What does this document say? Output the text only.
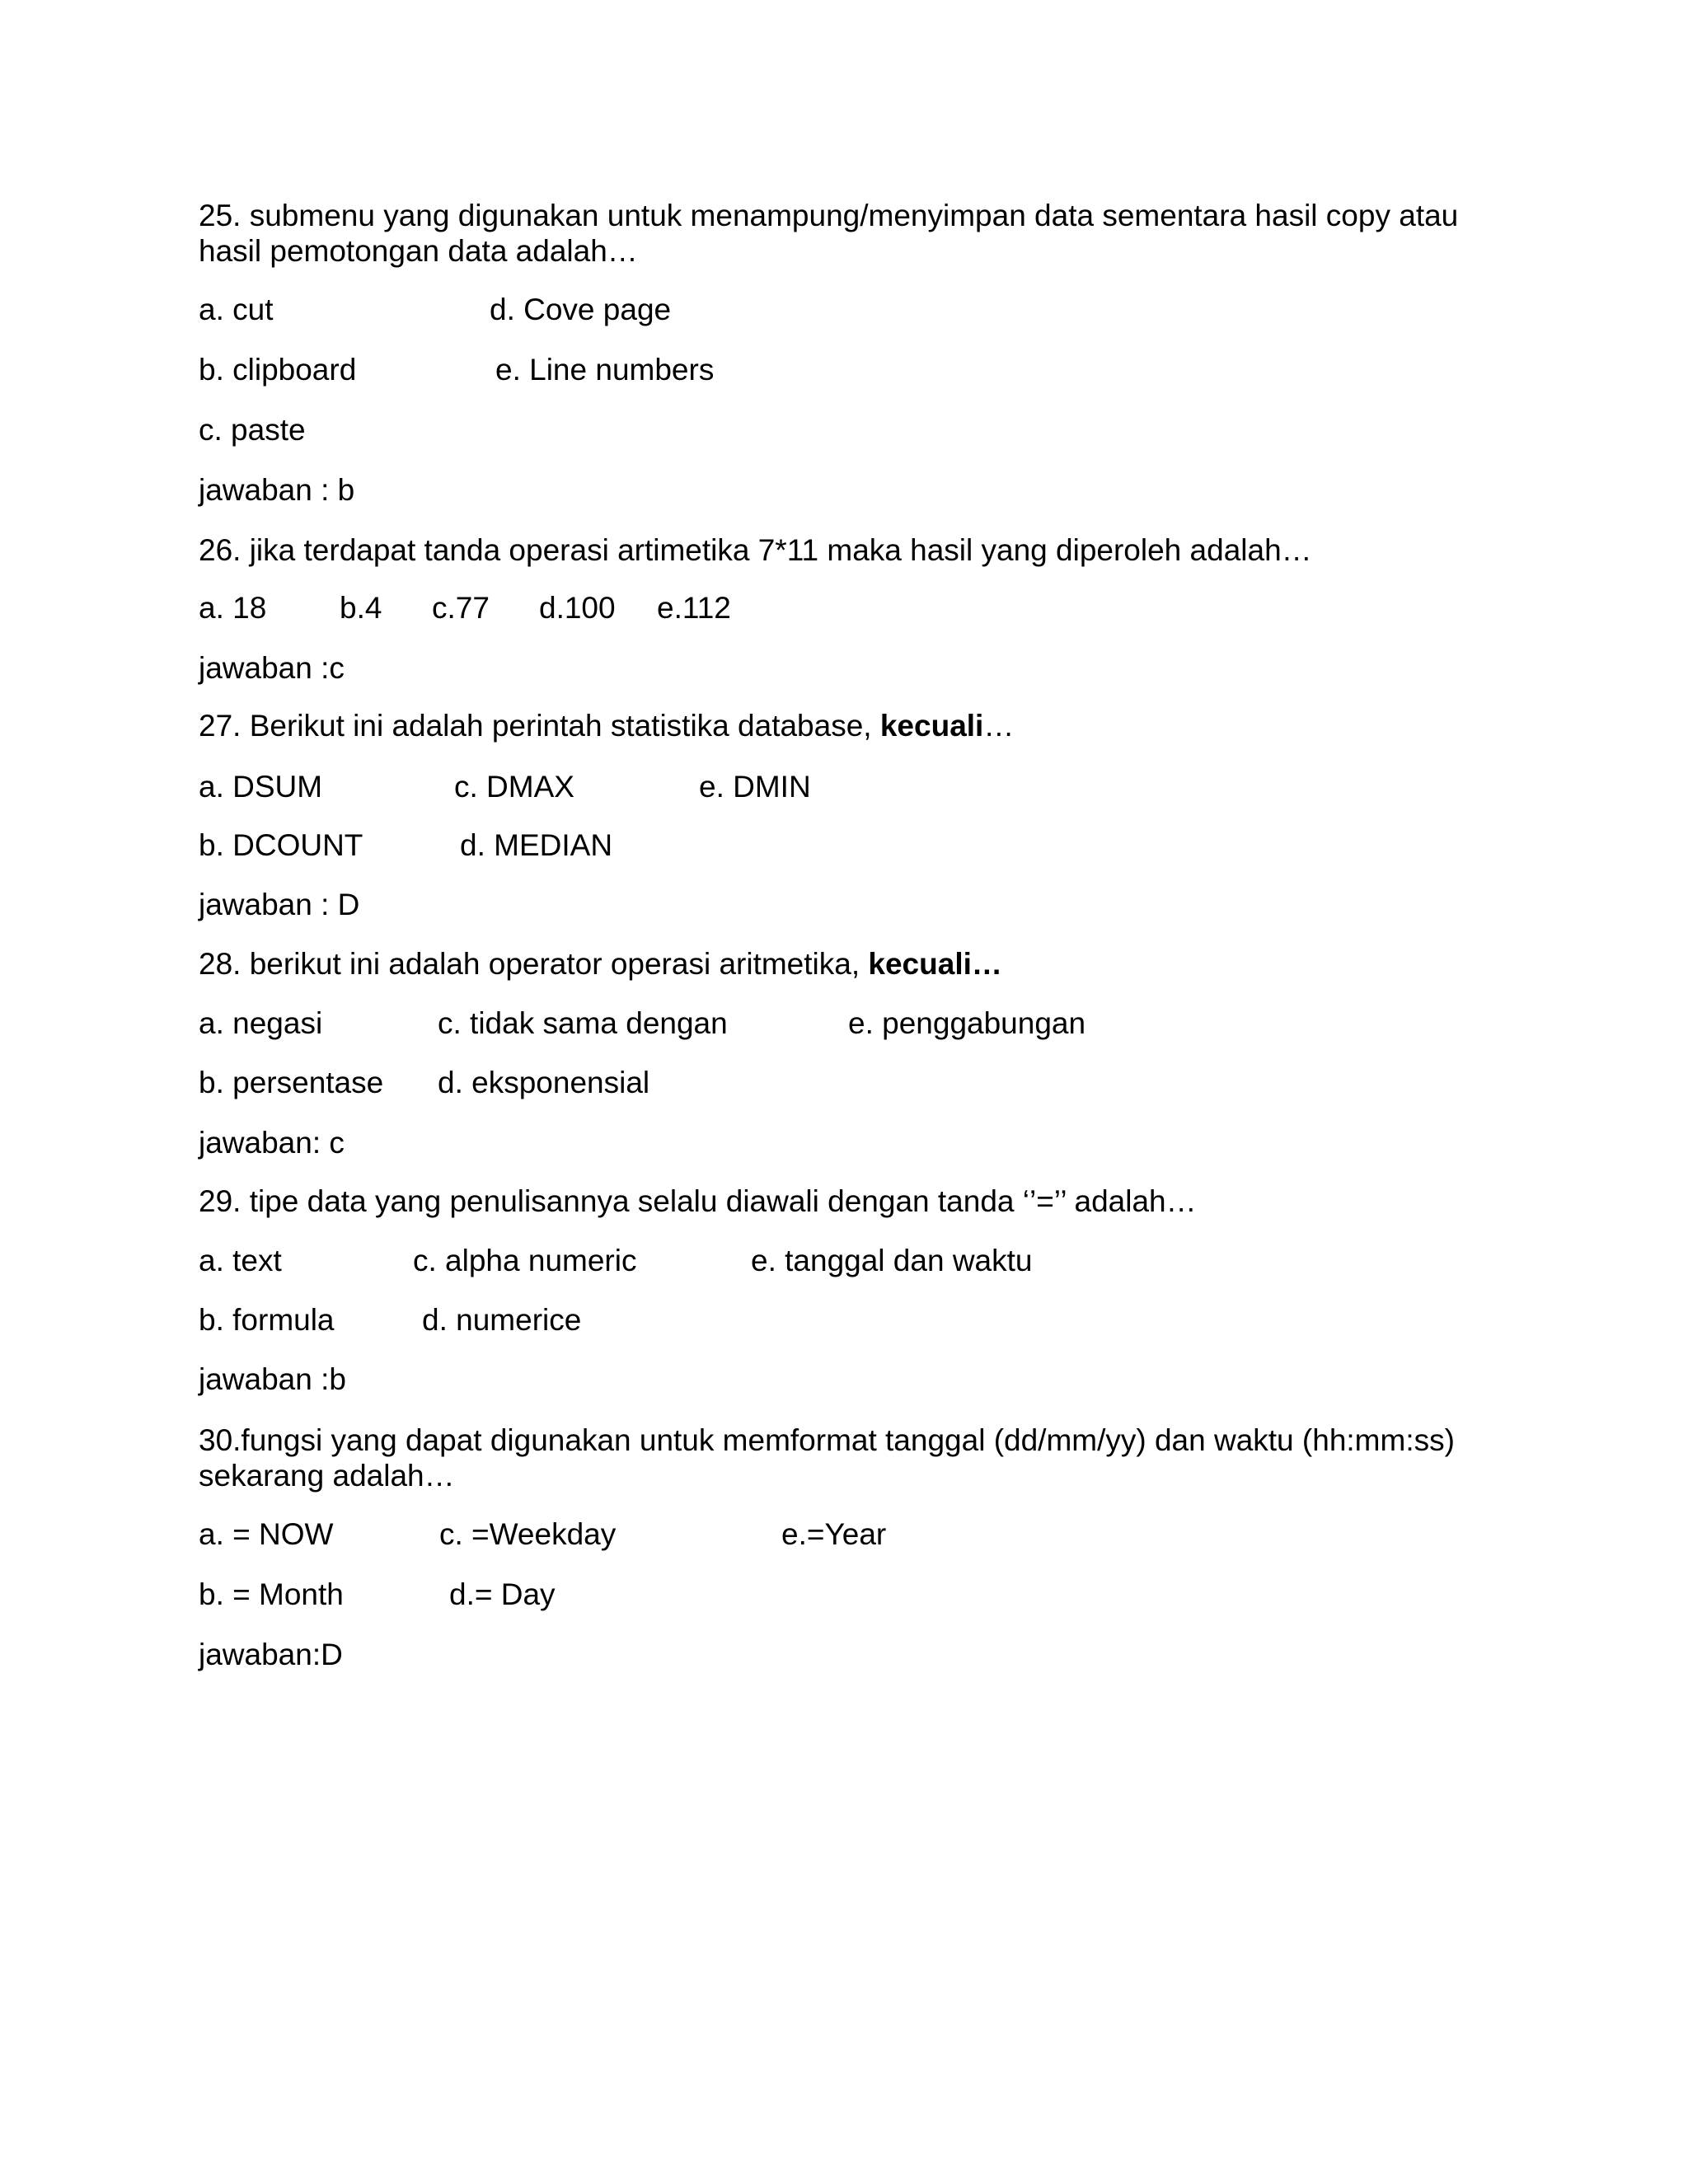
25. submenu yang digunakan untuk menampung/menyimpan data sementara hasil copy atau
hasil pemotongan data adalah…
a. cut	d. Cove page
b. clipboard	e. Line numbers
c. paste
jawaban : b
26. jika terdapat tanda operasi artimetika 7*11 maka hasil yang diperoleh adalah…
a. 18 b.4 c.77 d.100 e.112
jawaban :c
27. Berikut ini adalah perintah statistika database, kecuali…
a. DSUM	c. DMAX	e. DMIN
b. DCOUNT	d. MEDIAN
jawaban : D
28. berikut ini adalah operator operasi aritmetika, kecuali…
a. negasi	c. tidak sama dengan	e. penggabungan
b. persentase d. eksponensial
jawaban: c
29. tipe data yang penulisannya selalu diawali dengan tanda ‘’=’’ adalah…
a. text	c. alpha numeric	e. tanggal dan waktu
b. formula	d. numerice
jawaban :b
30.fungsi yang dapat digunakan untuk memformat tanggal (dd/mm/yy) dan waktu (hh:mm:ss)
sekarang adalah…
a. = NOW	c. =Weekday	e.=Year
b. = Month	d.= Day
jawaban:D
